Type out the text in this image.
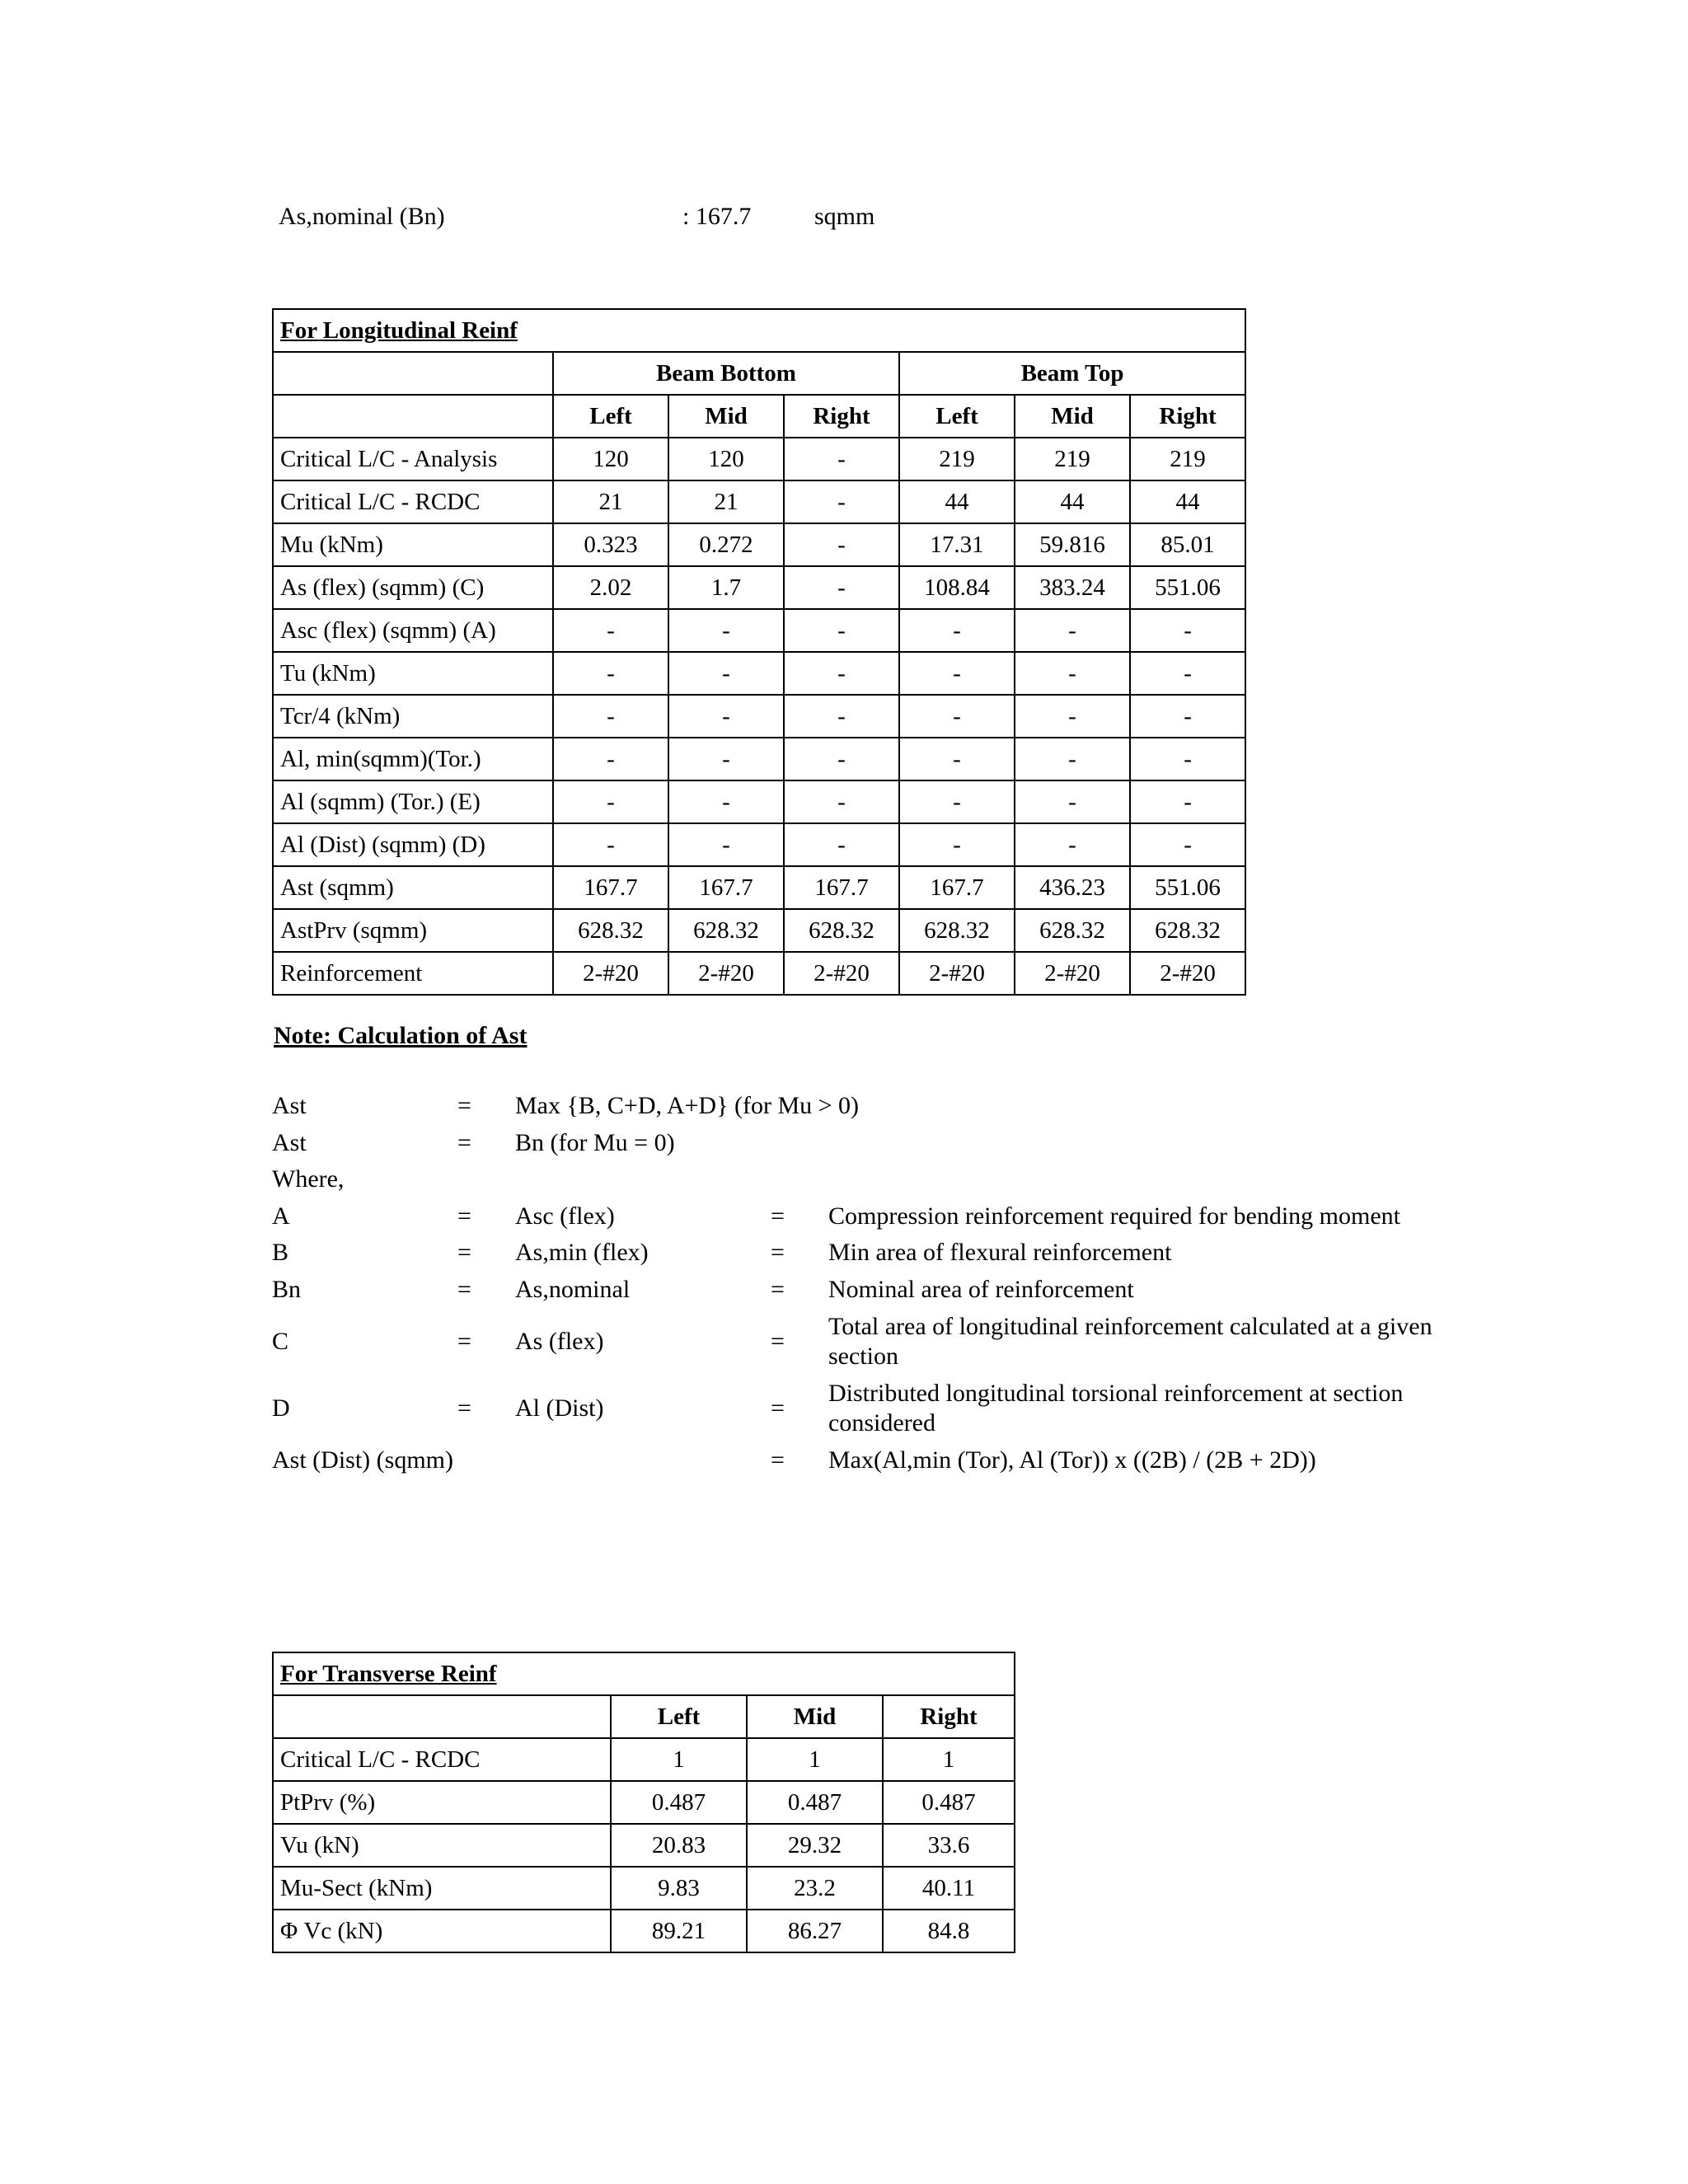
As,nominal (Bn)	: 167.7	sqmm
For Longitudinal Reinf						
	Beam Bottom			Beam Top		
	Left	Mid	Right	Left	Mid	Right
Critical L/C - Analysis	120	120	-	219	219	219
Critical L/C - RCDC	21	21	-	44	44	44
Mu (kNm)	0.323	0.272	-	17.31	59.816	85.01
As (flex) (sqmm) (C)	2.02	1.7	-	108.84	383.24	551.06
Asc (flex) (sqmm) (A)	-	-	-	-	-	-
Tu (kNm)	-	-	-	-	-	-
Tcr/4 (kNm)	-	-	-	-	-	-
Al, min(sqmm)(Tor.)	-	-	-	-	-	-
Al (sqmm) (Tor.) (E)	-	-	-	-	-	-
Al (Dist) (sqmm) (D)	-	-	-	-	-	-
Ast (sqmm)	167.7	167.7	167.7	167.7	436.23	551.06
AstPrv (sqmm)	628.32	628.32	628.32	628.32	628.32	628.32
Reinforcement	2-#20	2-#20	2-#20	2-#20	2-#20	2-#20
Note: Calculation of Ast
Ast	=	Max {B, C+D, A+D} (for Mu > 0)		
Ast	=	Bn (for Mu = 0)		
Where,				
A	=	Asc (flex)	=	Compression reinforcement required for bending moment
B	=	As,min (flex)	=	Min area of flexural reinforcement
Bn	=	As,nominal	=	Nominal area of reinforcement
C	=	As (flex)	=	Total area of longitudinal reinforcement calculated at a given section
D	=	Al (Dist)	=	Distributed longitudinal torsional reinforcement at section considered
Ast (Dist) (sqmm)			=	Max(Al,min (Tor), Al (Tor)) x ((2B) / (2B + 2D))
For Transverse Reinf			
	Left	Mid	Right
Critical L/C - RCDC	1	1	1
PtPrv (%)	0.487	0.487	0.487
Vu (kN)	20.83	29.32	33.6
Mu-Sect (kNm)	9.83	23.2	40.11
Φ Vc (kN)	89.21	86.27	84.8
